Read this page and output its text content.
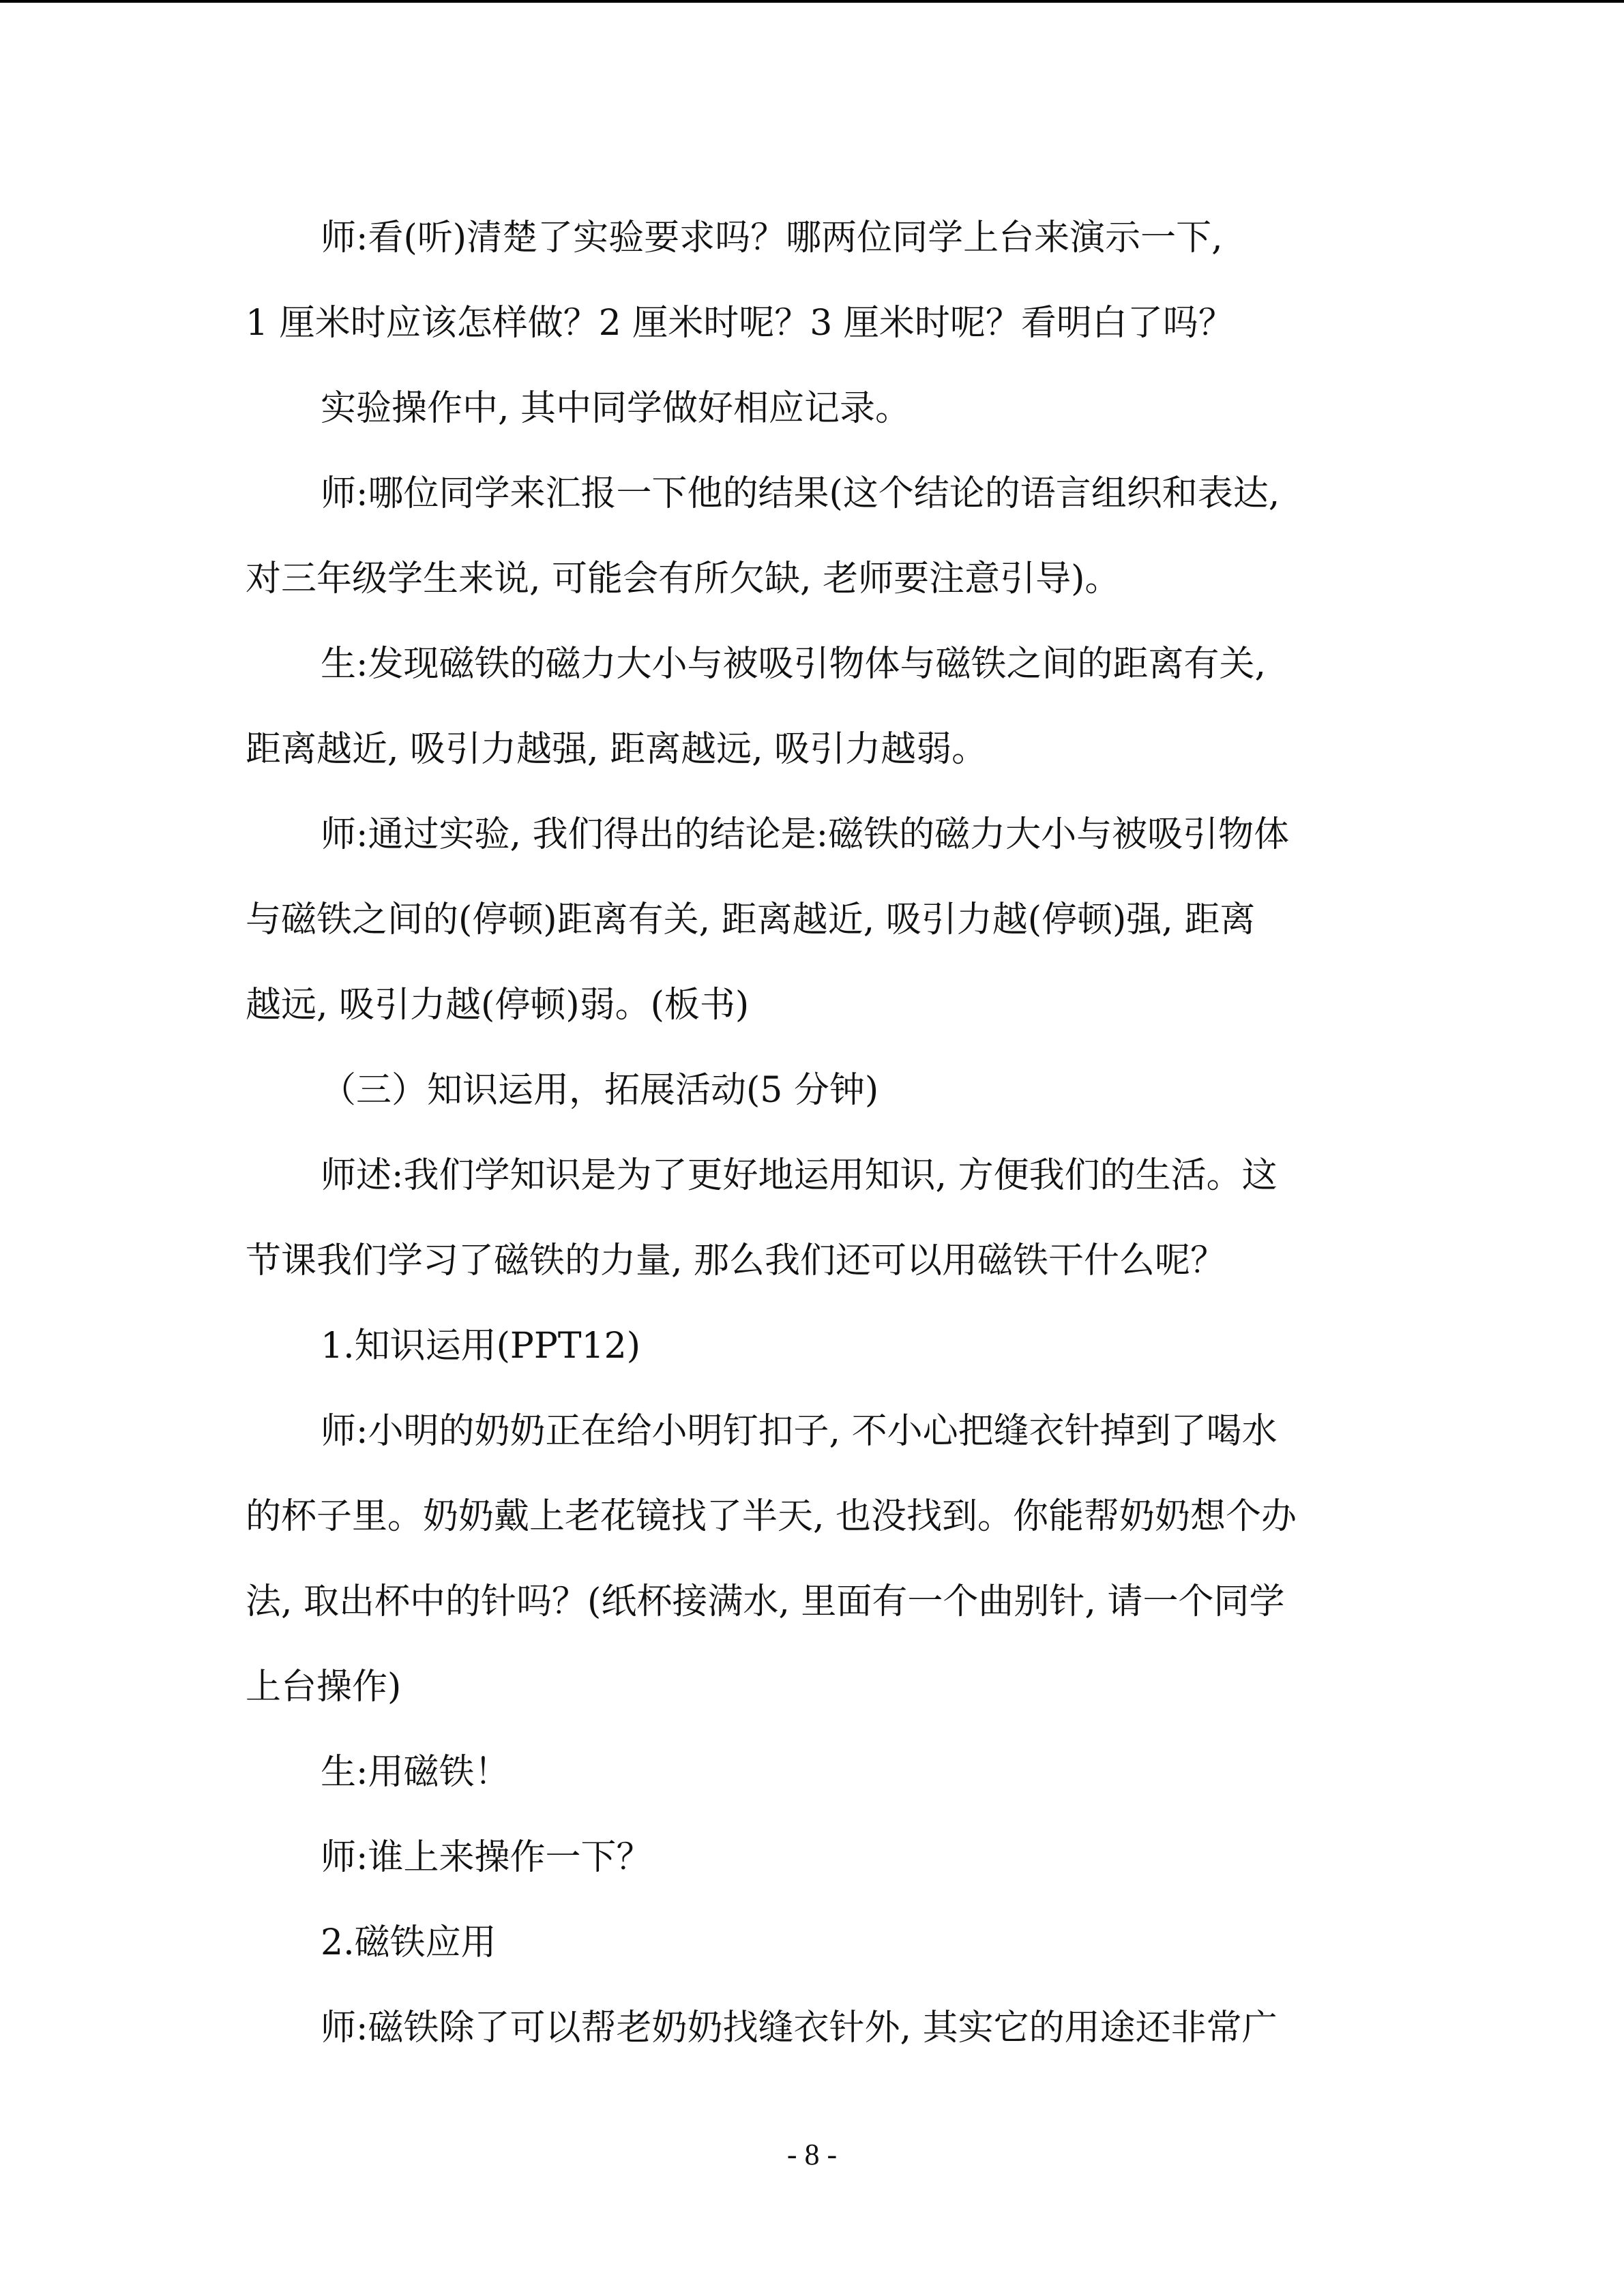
师:看(听)清楚了实验要求吗？哪两位同学上台来演示一下,
1 厘米时应该怎样做？2 厘米时呢？3 厘米时呢？看明白了吗？
实验操作中, 其中同学做好相应记录。
师:哪位同学来汇报一下他的结果(这个结论的语言组织和表达,
对三年级学生来说, 可能会有所欠缺, 老师要注意引导)。
生:发现磁铁的磁力大小与被吸引物体与磁铁之间的距离有关,
距离越近, 吸引力越强, 距离越远, 吸引力越弱。
师:通过实验, 我们得出的结论是:磁铁的磁力大小与被吸引物体
与磁铁之间的(停顿)距离有关, 距离越近, 吸引力越(停顿)强, 距离
越远, 吸引力越(停顿)弱。(板书)
（三）知识运用，拓展活动(5 分钟)
师述:我们学知识是为了更好地运用知识, 方便我们的生活。这
节课我们学习了磁铁的力量, 那么我们还可以用磁铁干什么呢？
1.知识运用(PPT12)
师:小明的奶奶正在给小明钉扣子, 不小心把缝衣针掉到了喝水
的杯子里。奶奶戴上老花镜找了半天, 也没找到。你能帮奶奶想个办
法, 取出杯中的针吗？(纸杯接满水, 里面有一个曲别针, 请一个同学
上台操作)
生:用磁铁！
师:谁上来操作一下？
2.磁铁应用
师:磁铁除了可以帮老奶奶找缝衣针外, 其实它的用途还非常广
- 8 -
